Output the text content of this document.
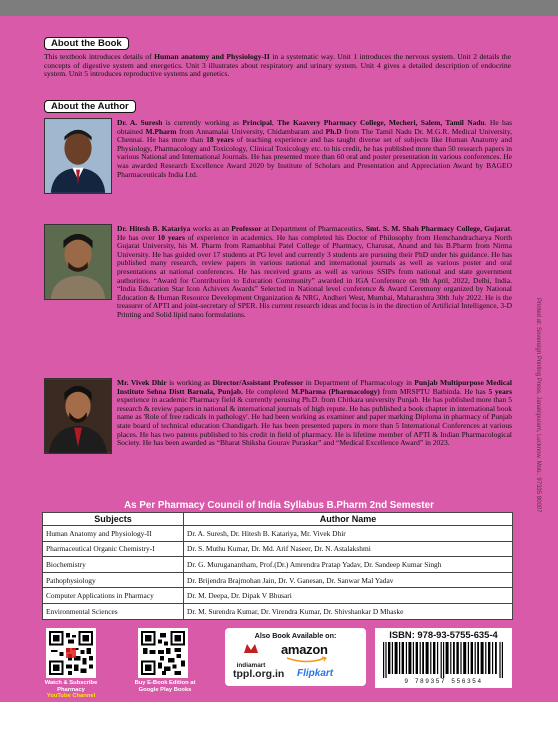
About the Book
This textbook introduces details of Human anatomy and Physiology-II in a systematic way. Unit 1 introduces the nervous system. Unit 2 details the concepts of digestive system and energetics. Unit 3 illustrates about respiratory and urinary system. Unit 4 gives a detailed description of endocrine system. Unit 5 introduces reproductive systems and genetics.
About the Author
Dr. A. Suresh is currently working as Principal, The Kaavery Pharmacy College, Mecheri, Salem, Tamil Nadu. He has obtained M.Pharm from Annamalai University, Chidambaram and Ph.D from The Tamil Nadu Dr. M.G.R. Medical University, Chennai. He has more than 18 years of teaching experience and has taught diverse set of subjects like Human Anatomy and Physiology, Pharmacology and Toxicology, Clinical Toxicology etc. to his credit, he has published more than 50 research papers in various National and International Journals. He has presented more than 60 oral and poster presentation in various conferences. He was awarded Research Excellence Award 2020 by Institute of Scholars and Presentation and Appreciation Award by BAGEO Pharmaceuticals India Ltd.
Dr. Hitesh B. Katariya works as an Professor at Department of Pharmaceutics, Smt. S. M. Shah Pharmacy College, Gujarat. He has over 10 years of experience in academics. He has completed his Doctor of Philosophy from Hemchandracharya North Gujarat University, his M. Pharm from Ramanbhai Patel College of Pharmacy, Charusat, Anand and his B.Pharm from Nirma University. He has guided over 17 students at PG level and currently 3 students are pursuing their PhD under his guidance. He has published many research, review papers in various national and international journals as well as various poster and oral presentations at national conferences. He has received grants as well as various SSIPs from national and state government authorities. “Award for Contribution to Education Community” awarded in IGA Conference on 9th April, 2022, Delhi, India. “India Education Star Icon Achivers Awards” Selected in National level conference & Award Ceremony organized by National Education & Human Resource Development Organization & NRG, Andheri West, Mumbai, Maharashtra 30th July 2022. He is the treasurer of APTI and joint-secretary of SPER. His current research ideas and focus is in the direction of Artificial Intelligence, 3-D Printing and Solid lipid nano formulations.
Mr. Vivek Dhir is working as Director/Assistant Professor in Department of Pharmacology in Punjab Multipurpose Medical Institute Sehna Distt Barnala, Punjab. He completed M.Pharma (Pharmacology) from MRSPTU Bathinda. He has 5 years experience in academic Pharmacy field & currently perusing Ph.D. from Chitkara university Punjab. He has published more than 5 research & review papers in national & international journals of high repute. He has published a book chapter in international book name as 'Role of free radicals in pathology'. He had been working as examiner and paper marking Diploma in pharmacy of Punjab state board of technical education Chandigarh. He has been presented papers in more than 5 International Conferences at various places. He has two patents published to his credit in field of pharmacy. He is lifetime member of APTI & Indian Pharmacological Society. He has been awarded as “Bharat Shiksha Gourav Puraskar” and “Medical Excellence Award” in 2023.	Printed at: Sovereign Printing Press, Janakipuram, Lucknow. Mob.: 97335 80007
As Per Pharmacy Council of India Syllabus B.Pharm 2nd Semester
Subjects	Author Name
Human Anatomy and Physiology-II	Dr. A. Suresh, Dr. Hitesh B. Katariya, Mr. Vivek Dhir
Pharmaceutical Organic Chemistry-I	Dr. S. Muthu Kumar, Dr. Md. Arif Naseer, Dr. N. Astalakshmi
Biochemistry	Dr. G. Muruganantham, Prof.(Dr.) Amrendra Pratap Yadav, Dr. Sandeep Kumar Singh
Pathophysiology	Dr. Brijendra Brajmohan Jain, Dr. V. Ganesan, Dr. Sanwar Mal Yadav
Computer Applications in Pharmacy	Dr. M. Deepa, Dr. Dipak V Bhusari
Environmental Sciences	Dr. M. Surendra Kumar, Dr. Virendra Kumar, Dr. Shivshankar D Mhaske
Watch & Subscribe
Pharmacy
YouTube Channel
Buy E-Book Edition at
Google Play Books
Also Book Available on:
indiamart
amazon
tppl.org.in Flipkart
ISBN: 978-93-5755-635-4
9 789357 556354
